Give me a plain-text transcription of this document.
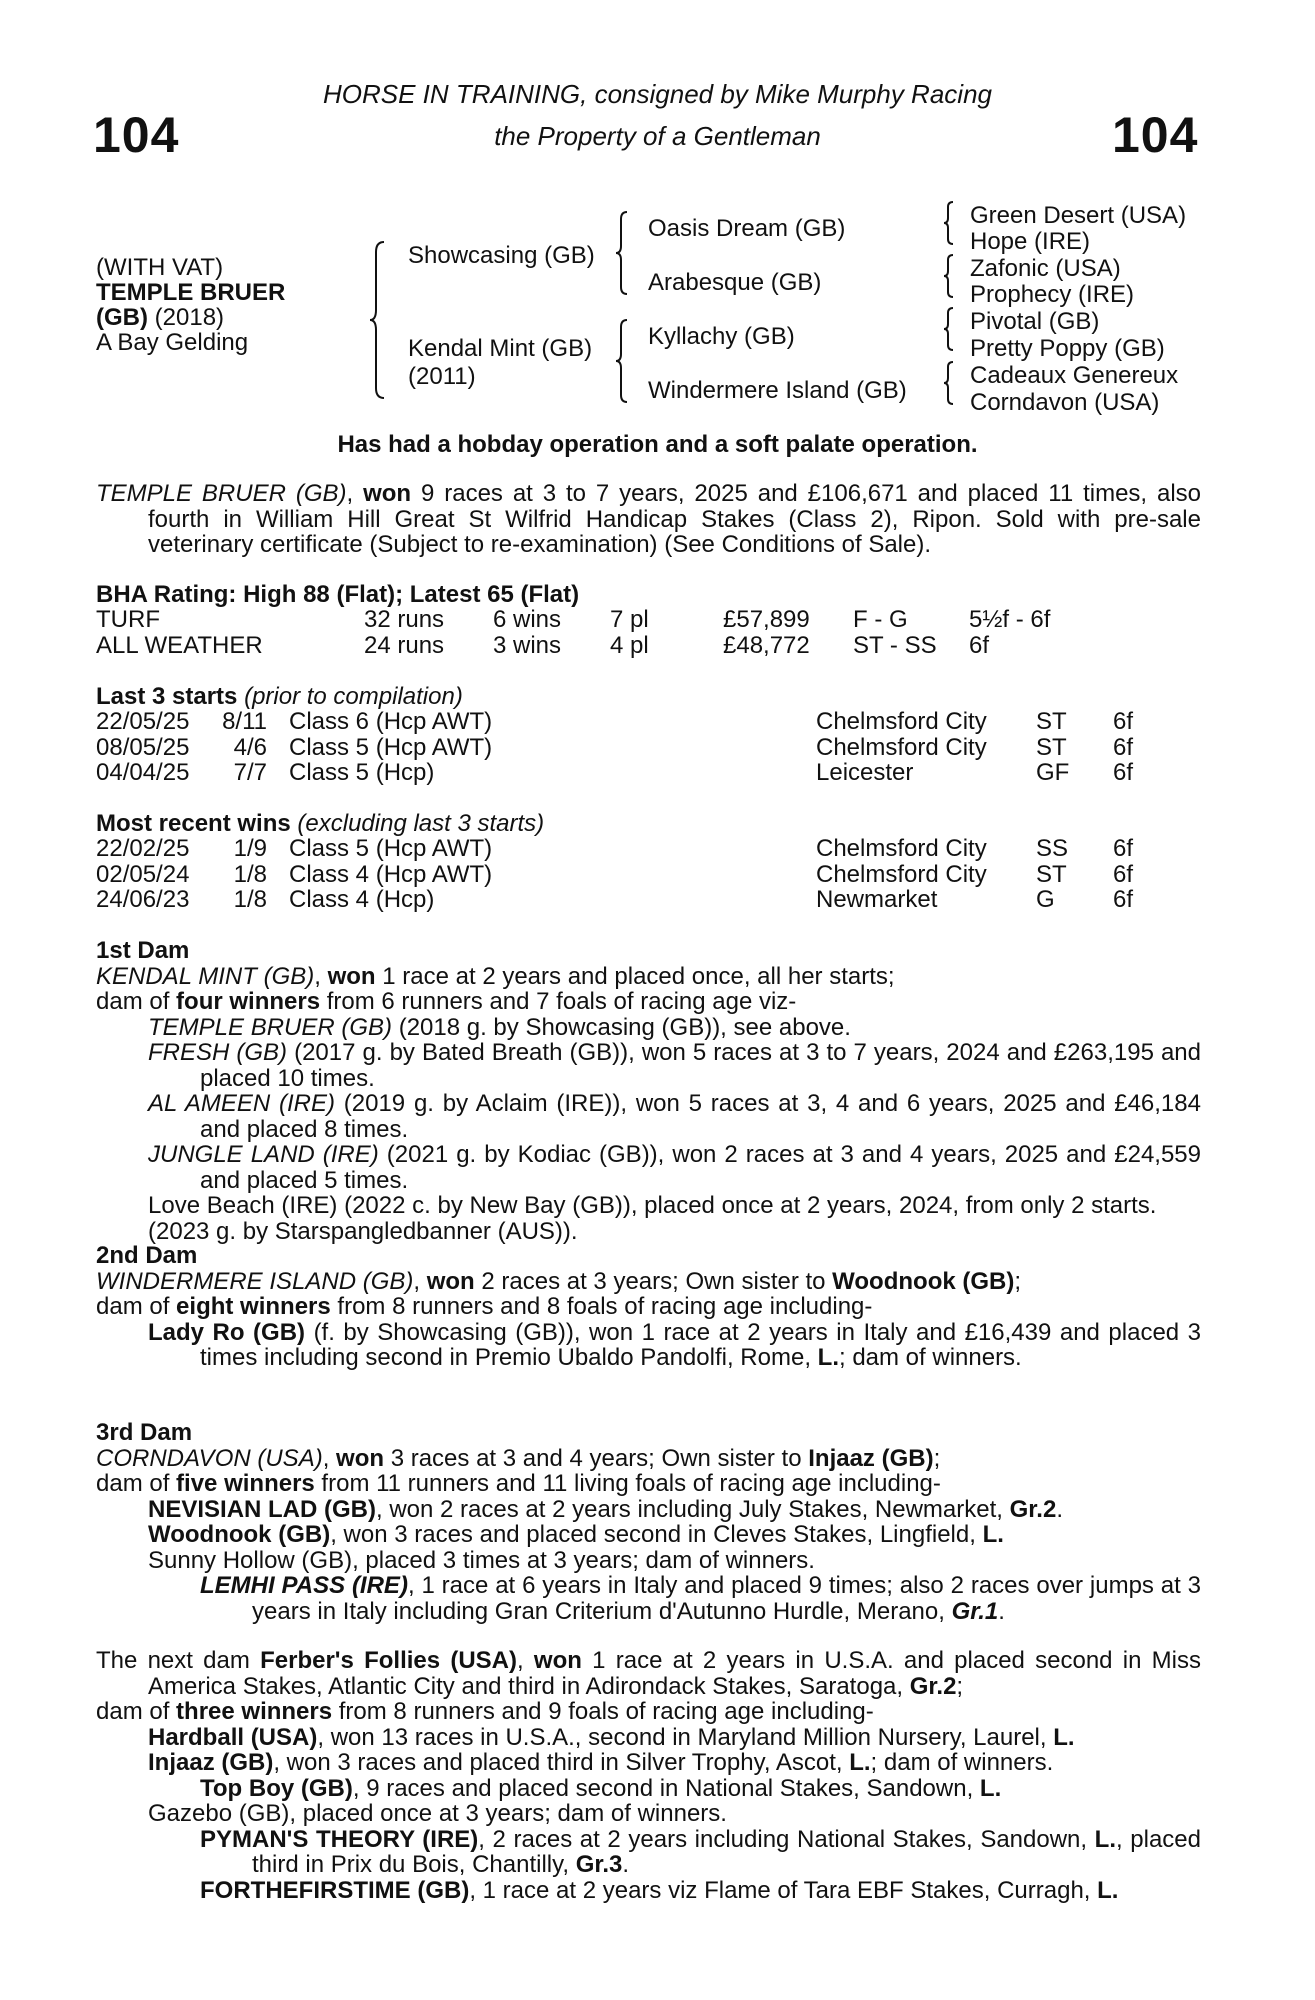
104	104
HORSE IN TRAINING, consigned by Mike Murphy Racing
the Property of a Gentleman
(WITH VAT)
TEMPLE BRUER
(GB) (2018)
A Bay Gelding
Showcasing (GB)
Kendal Mint (GB)
(2011)
Oasis Dream (GB)
Arabesque (GB)
Kyllachy (GB)
Windermere Island (GB)
Green Desert (USA)
Hope (IRE)
Zafonic (USA)
Prophecy (IRE)
Pivotal (GB)
Pretty Poppy (GB)
Cadeaux Genereux
Corndavon (USA)
Has had a hobday operation and a soft palate operation.
TEMPLE BRUER (GB), won 9 races at 3 to 7 years, 2025 and £106,671 and placed 11 times, also fourth in William Hill Great St Wilfrid Handicap Stakes (Class 2), Ripon. Sold with pre-sale veterinary certificate (Subject to re-examination) (See Conditions of Sale).
BHA Rating: High 88 (Flat); Latest 65 (Flat)
TURF	32 runs 6 wins 7 pl	£57,899 F - G	5½f - 6f
ALL WEATHER	24 runs 3 wins 4 pl	£48,772 ST - SS 6f
Last 3 starts (prior to compilation)
22/05/25	8/11 Class 6 (Hcp AWT)	Chelmsford City ST 6f
08/05/25	4/6 Class 5 (Hcp AWT)	Chelmsford City ST 6f
04/04/25	7/7 Class 5 (Hcp)	Leicester	GF 6f
Most recent wins (excluding last 3 starts)
22/02/25	1/9 Class 5 (Hcp AWT)	Chelmsford City SS 6f
02/05/24	1/8 Class 4 (Hcp AWT)	Chelmsford City ST 6f
24/06/23	1/8 Class 4 (Hcp)	Newmarket	G 6f
1st Dam
KENDAL MINT (GB), won 1 race at 2 years and placed once, all her starts;
dam of four winners from 6 runners and 7 foals of racing age viz-
TEMPLE BRUER (GB) (2018 g. by Showcasing (GB)), see above.
FRESH (GB) (2017 g. by Bated Breath (GB)), won 5 races at 3 to 7 years, 2024 and £263,195 and placed 10 times.
AL AMEEN (IRE) (2019 g. by Aclaim (IRE)), won 5 races at 3, 4 and 6 years, 2025 and £46,184 and placed 8 times.
JUNGLE LAND (IRE) (2021 g. by Kodiac (GB)), won 2 races at 3 and 4 years, 2025 and £24,559 and placed 5 times.
Love Beach (IRE) (2022 c. by New Bay (GB)), placed once at 2 years, 2024, from only 2 starts.
(2023 g. by Starspangledbanner (AUS)).
2nd Dam
WINDERMERE ISLAND (GB), won 2 races at 3 years; Own sister to Woodnook (GB);
dam of eight winners from 8 runners and 8 foals of racing age including-
Lady Ro (GB) (f. by Showcasing (GB)), won 1 race at 2 years in Italy and £16,439 and placed 3 times including second in Premio Ubaldo Pandolfi, Rome, L.; dam of winners.
3rd Dam
CORNDAVON (USA), won 3 races at 3 and 4 years; Own sister to Injaaz (GB);
dam of five winners from 11 runners and 11 living foals of racing age including-
NEVISIAN LAD (GB), won 2 races at 2 years including July Stakes, Newmarket, Gr.2.
Woodnook (GB), won 3 races and placed second in Cleves Stakes, Lingfield, L.
Sunny Hollow (GB), placed 3 times at 3 years; dam of winners.
LEMHI PASS (IRE), 1 race at 6 years in Italy and placed 9 times; also 2 races over jumps at 3 years in Italy including Gran Criterium d'Autunno Hurdle, Merano, Gr.1.
The next dam Ferber's Follies (USA), won 1 race at 2 years in U.S.A. and placed second in Miss America Stakes, Atlantic City and third in Adirondack Stakes, Saratoga, Gr.2;
dam of three winners from 8 runners and 9 foals of racing age including-
Hardball (USA), won 13 races in U.S.A., second in Maryland Million Nursery, Laurel, L.
Injaaz (GB), won 3 races and placed third in Silver Trophy, Ascot, L.; dam of winners.
Top Boy (GB), 9 races and placed second in National Stakes, Sandown, L.
Gazebo (GB), placed once at 3 years; dam of winners.
PYMAN'S THEORY (IRE), 2 races at 2 years including National Stakes, Sandown, L., placed third in Prix du Bois, Chantilly, Gr.3.
FORTHEFIRSTIME (GB), 1 race at 2 years viz Flame of Tara EBF Stakes, Curragh, L.
